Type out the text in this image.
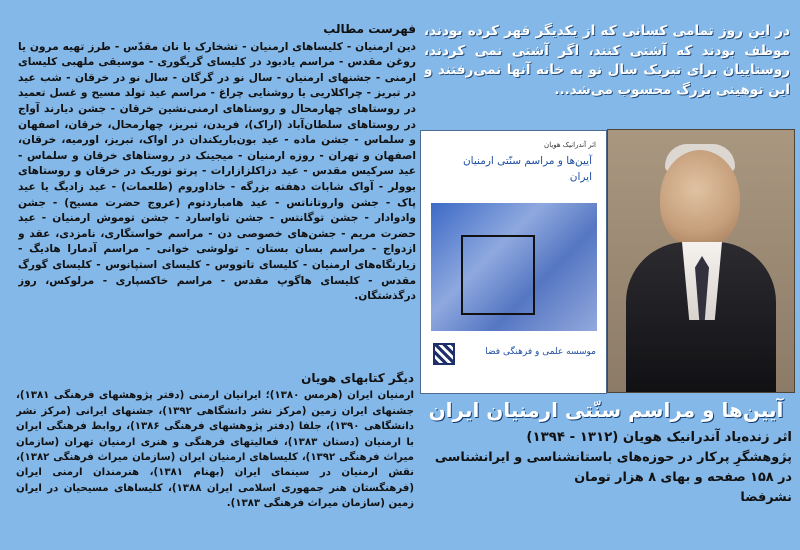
در این روز تمامی کسانی که از یکدیگر قهر کرده بودند، موظف بودند که آشتی کنند، اگر آشتی نمی کردند، روستاییان برای تبریک سال نو به خانه آنها نمی‌رفتند و این توهینی بزرگ محسوب می‌شد...
فهرست مطالب

دین ارمنیان - کلیساهای ارمنیان - تشخارک یا نان مقدّس - طرز تهیه مرون یا روغن مقدس - مراسم یادبود در کلیسای گریگوری - موسیقی ملهبی کلیسای ارمنی - جشنهای ارمنیان - سال نو در گرگان - سال نو در خرقان - شب عید در تبریز - چراکلاریی یا روشنایی چراغ - مراسم عید تولد مسیح و غسل تعمید در روستاهای چهارمحال و روستاهای ارمنی‌نشین خرقان - جشن دیارند آواج در روستاهای سلطان‌آباد (اراک)، فریدن، تبریز، چهارمحال، خرقان، اصفهان و سلماس - جشن ماده - عید بون‌باریکندان در اواک، تبریز، اورمیه، خرقان، اصفهان و تهران - روزه ارمنیان - میجینک در روستاهای خرقان و سلماس - عید سرکیس مقدس - عید دزاکلزازارات - پرتو توریک در خرقان و روستاهای بوولر - آواک شابات دهفته بزرگه - خاداوروم (طلعمات) - عید زادیگ یا عید پاک - جشن واروتاناتس - عید هامباردتوم (عروج حضرت مسیح) - جشن وادوادار - جشن توگانتس - جشن تاواسارد - جشن توموش ارمنیان - عید حضرت مریم - جشن‌های خصوصی دن - مراسم خواستگاری، نامزدی، عقد و ازدواج - مراسم بسان بستان - تولوشی خوانی - مراسم آدمارا هادیگ - زیارتگاه‌های ارمنیان - کلیسای تاتووس - کلیسای استپانوس - کلیسای گورگ مقدس - کلیسای هاگوپ مقدس - مراسم خاکسپاری - مرلوکس، روز درگذشتگان.

دیگر کتابهای هویان

ارمنیان ایران (هرمس ۱۳۸۰)؛ ایرانیان ارمنی (دفتر پژوهشهای فرهنگی ۱۳۸۱)، جشنهای ایران زمین (مرکز نشر دانشگاهی ۱۳۹۲)، جشنهای ایرانی (مرکز نشر دانشگاهی ۱۳۹۰)، جلفا (دفتر پژوهشهای فرهنگی ۱۳۸۶)، روابط فرهنگی ایران با ارمنیان (دستان ۱۳۸۳)، فعالیتهای فرهنگی و هنری ارمنیان تهران (سازمان میراث فرهنگی ۱۳۹۲)، کلیساهای ارمنیان ایران (سازمان میراث فرهنگی ۱۳۸۲)، نقش ارمنیان در سینمای ایران (بهنام ۱۳۸۱)، هنرمندان ارمنی ایران (فرهنگستان هنر جمهوری اسلامی ایران ۱۳۸۸)، کلیساهای مسیحیان در ایران زمین (سازمان میراث فرهنگی ۱۳۸۳).

اثر آندرانیک هویان
آیین‌ها و مراسم سنّتی ارمنیان ایران
موسسه علمی و فرهنگی فضا
آیین‌ها و مراسم سنّتی ارمنیان ایران
اثر زنده‌یاد آندرانیک هویان (۱۳۱۲ - ۱۳۹۴)
پژوهشگرِ پرکار در حوزه‌های باستانشناسی و ایرانشناسی
در ۱۵۸ صفحه و بهای ۸ هزار تومان
نشرفضا
